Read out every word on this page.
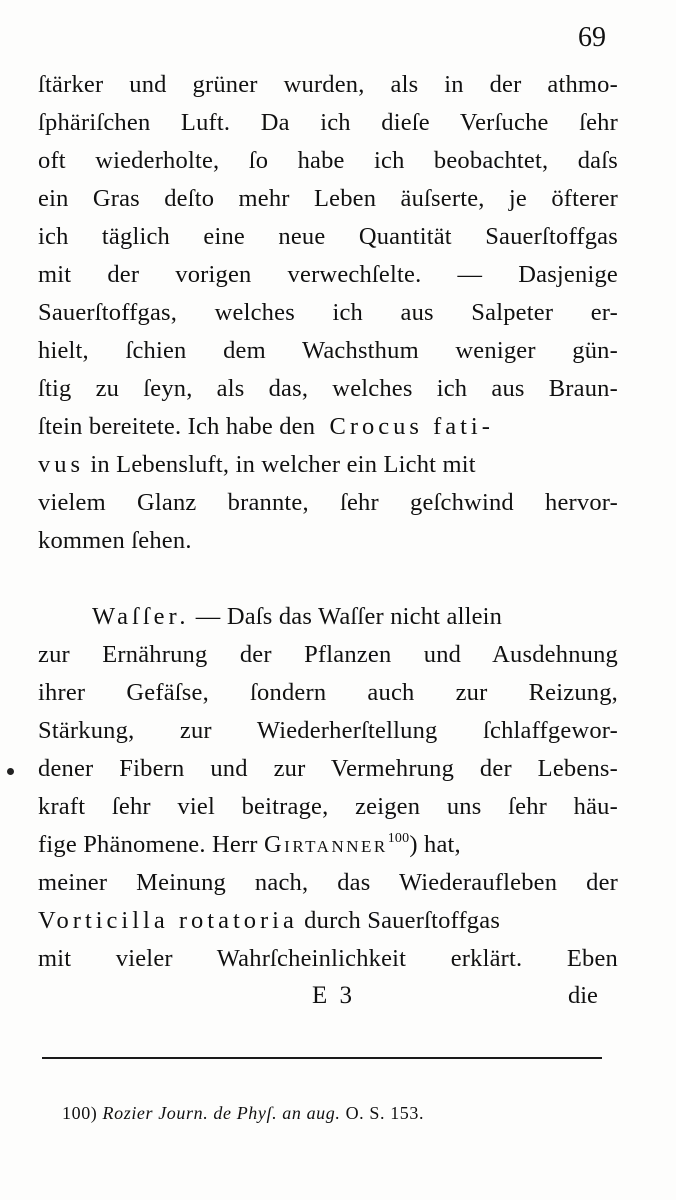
69
ſtärker und grüner wurden, als in der athmo-
ſphäriſchen Luft. Da ich dieſe Verſuche ſehr
oft wiederholte, ſo habe ich beobachtet, daſs
ein Gras deſto mehr Leben äuſserte, je öfterer
ich täglich eine neue Quantität Sauerſtoffgas
mit der vorigen verwechſelte. — Dasjenige
Sauerſtoffgas, welches ich aus Salpeter er-
hielt, ſchien dem Wachsthum weniger gün-
ſtig zu ſeyn, als das, welches ich aus Braun-
ſtein bereitete. Ich habe den Crocus fati-
vus in Lebensluft, in welcher ein Licht mit
vielem Glanz brannte, ſehr geſchwind hervor-
kommen ſehen.
Waſſer. — Daſs das Waſſer nicht allein
zur Ernährung der Pflanzen und Ausdehnung
ihrer Gefäſse, ſondern auch zur Reizung,
Stärkung, zur Wiederherſtellung ſchlaffgewor-
dener Fibern und zur Vermehrung der Lebens-
kraft ſehr viel beitrage, zeigen uns ſehr häu-
fige Phänomene. Herr Girtanner$^{100}$) hat,
meiner Meinung nach, das Wiederaufleben der
Vorticilla rotatoria durch Sauerſtoffgas
mit vieler Wahrſcheinlichkeit erklärt. Eben
E 3	die
100) Rozier Journ. de Phyſ. an aug. O. S. 153.
